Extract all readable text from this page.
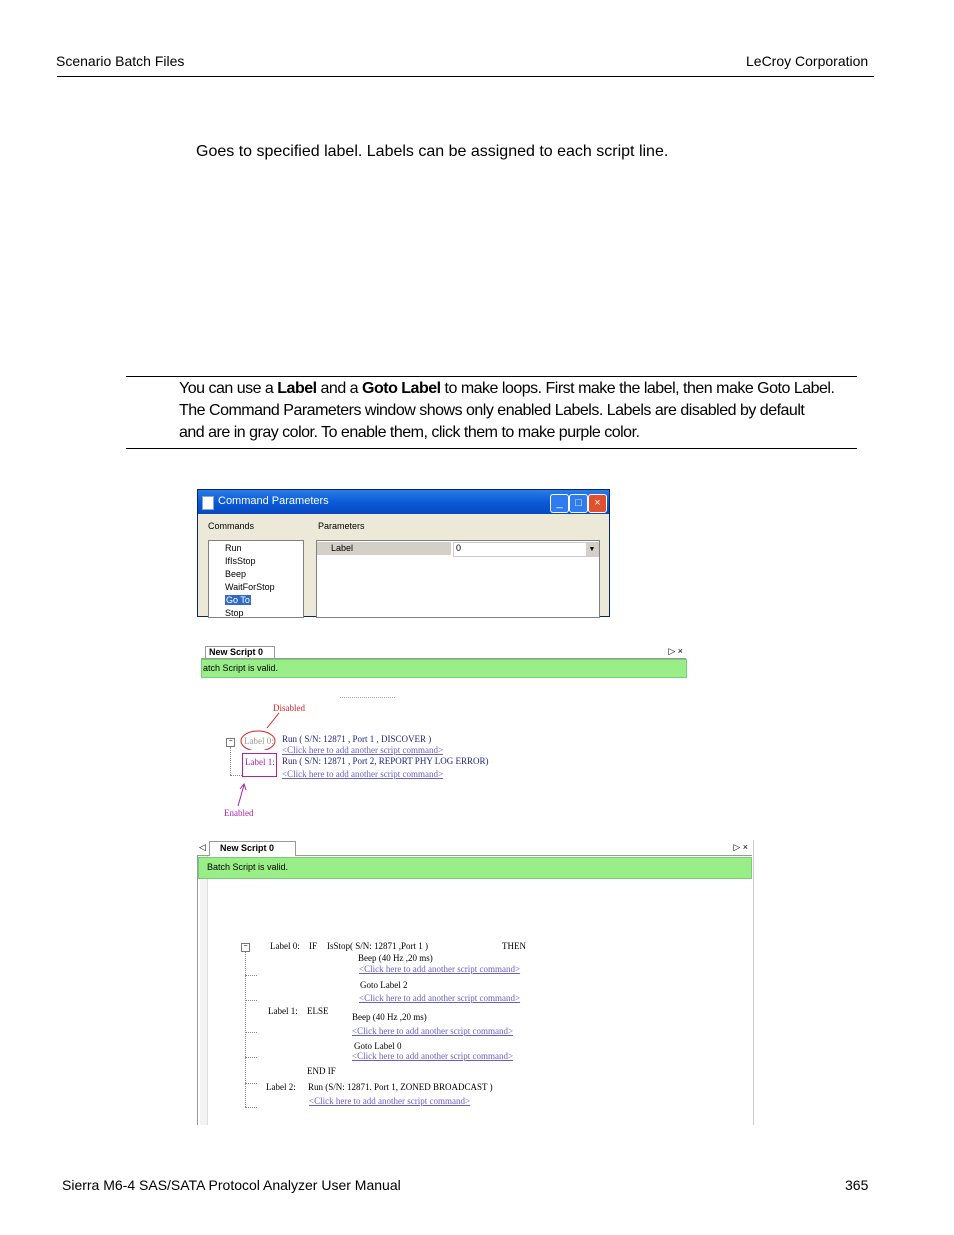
Scenario Batch Files	LeCroy Corporation
Goes to specified label. Labels can be assigned to each script line.
You can use a Label and a Goto Label to make loops. First make the label, then make Goto Label.
The Command Parameters window shows only enabled Labels. Labels are disabled by default
and are in gray color. To enable them, click them to make purple color.
Command Parameters	_	□	×
Commands	Parameters
Run
IfIsStop
Beep
WaitForStop
Go To
Stop
Label	0	▼
New Script 0	▷ ×
atch Script is valid.
Disabled
− Label 0: Run ( S/N: 12871 , Port 1 , DISCOVER )
<Click here to add another script command>
Label 1: Run ( S/N: 12871 , Port 2, REPORT PHY LOG ERROR)
<Click here to add another script command>
Enabled
◁ New Script 0	▷ ×
Batch Script is valid.
− Label 0: IF IsStop( S/N: 12871 ,Port 1 )	THEN
Beep (40 Hz ,20 ms)
<Click here to add another script command>
Goto Label 2
<Click here to add another script command>
Label 1: ELSE
Beep (40 Hz ,20 ms)
<Click here to add another script command>
Goto Label 0
<Click here to add another script command>
END IF
Label 2: Run (S/N: 12871. Port 1, ZONED BROADCAST )
<Click here to add another script command>
Sierra M6-4 SAS/SATA Protocol Analyzer User Manual	365
